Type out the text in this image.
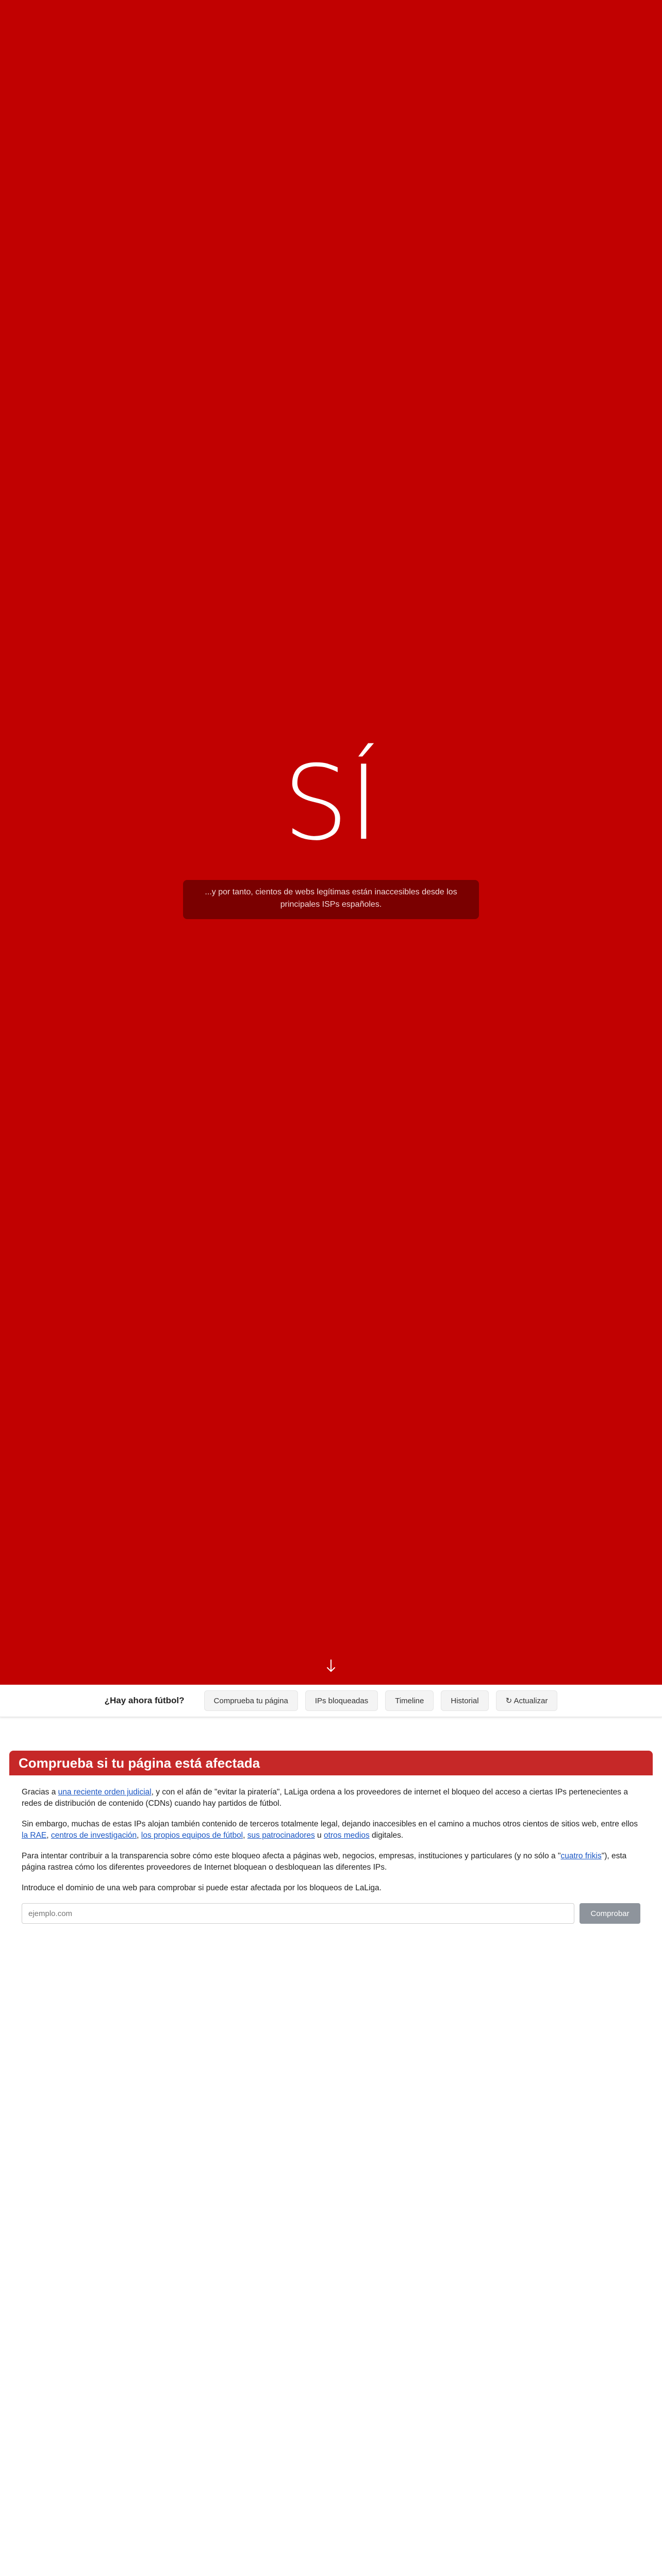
SÍ
...y por tanto, cientos de webs legítimas están inaccesibles desde los principales ISPs españoles.
¿Hay ahora fútbol?	Comprueba tu página	IPs bloqueadas	Timeline	Historial	↻ Actualizar
Comprueba si tu página está afectada

Gracias a una reciente orden judicial, y con el afán de "evitar la piratería", LaLiga ordena a los proveedores de internet el bloqueo del acceso a ciertas IPs pertenecientes a redes de distribución de contenido (CDNs) cuando hay partidos de fútbol.

Sin embargo, muchas de estas IPs alojan también contenido de terceros totalmente legal, dejando inaccesibles en el camino a muchos otros cientos de sitios web, entre ellos la RAE, centros de investigación, los propios equipos de fútbol, sus patrocinadores u otros medios digitales.

Para intentar contribuir a la transparencia sobre cómo este bloqueo afecta a páginas web, negocios, empresas, instituciones y particulares (y no sólo a "cuatro frikis"), esta página rastrea cómo los diferentes proveedores de Internet bloquean o desbloquean las diferentes IPs.

Introduce el dominio de una web para comprobar si puede estar afectada por los bloqueos de LaLiga.

ejemplo.com
Comprobar
